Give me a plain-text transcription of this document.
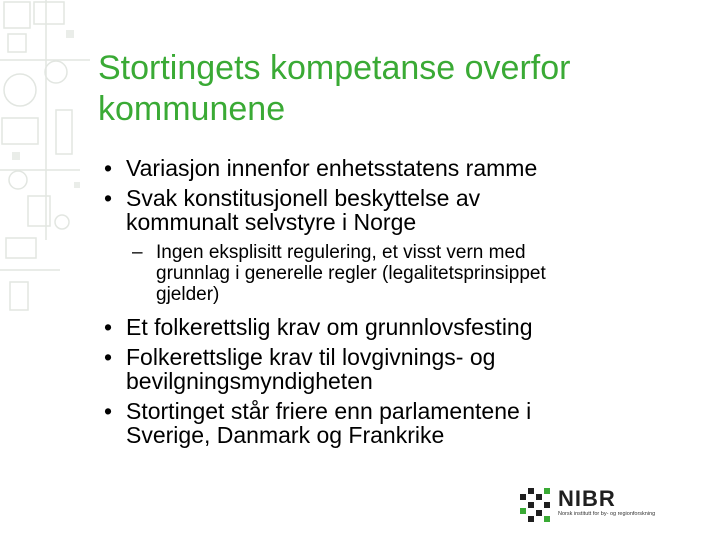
Stortingets kompetanse overfor
kommunene

• Variasjon innenfor enhetsstatens ramme

• Svak konstitusjonell beskyttelse av
kommunalt selvstyre i Norge

– Ingen eksplisitt regulering, et visst vern med
grunnlag i generelle regler (legalitetsprinsippet
gjelder)

• Et folkerettslig krav om grunnlovsfesting

• Folkerettslige krav til lovgivnings- og
bevilgningsmyndigheten

• Stortinget står friere enn parlamentene i
Sverige, Danmark og Frankrike

NIBR
Norsk institutt for by- og regionforskning
